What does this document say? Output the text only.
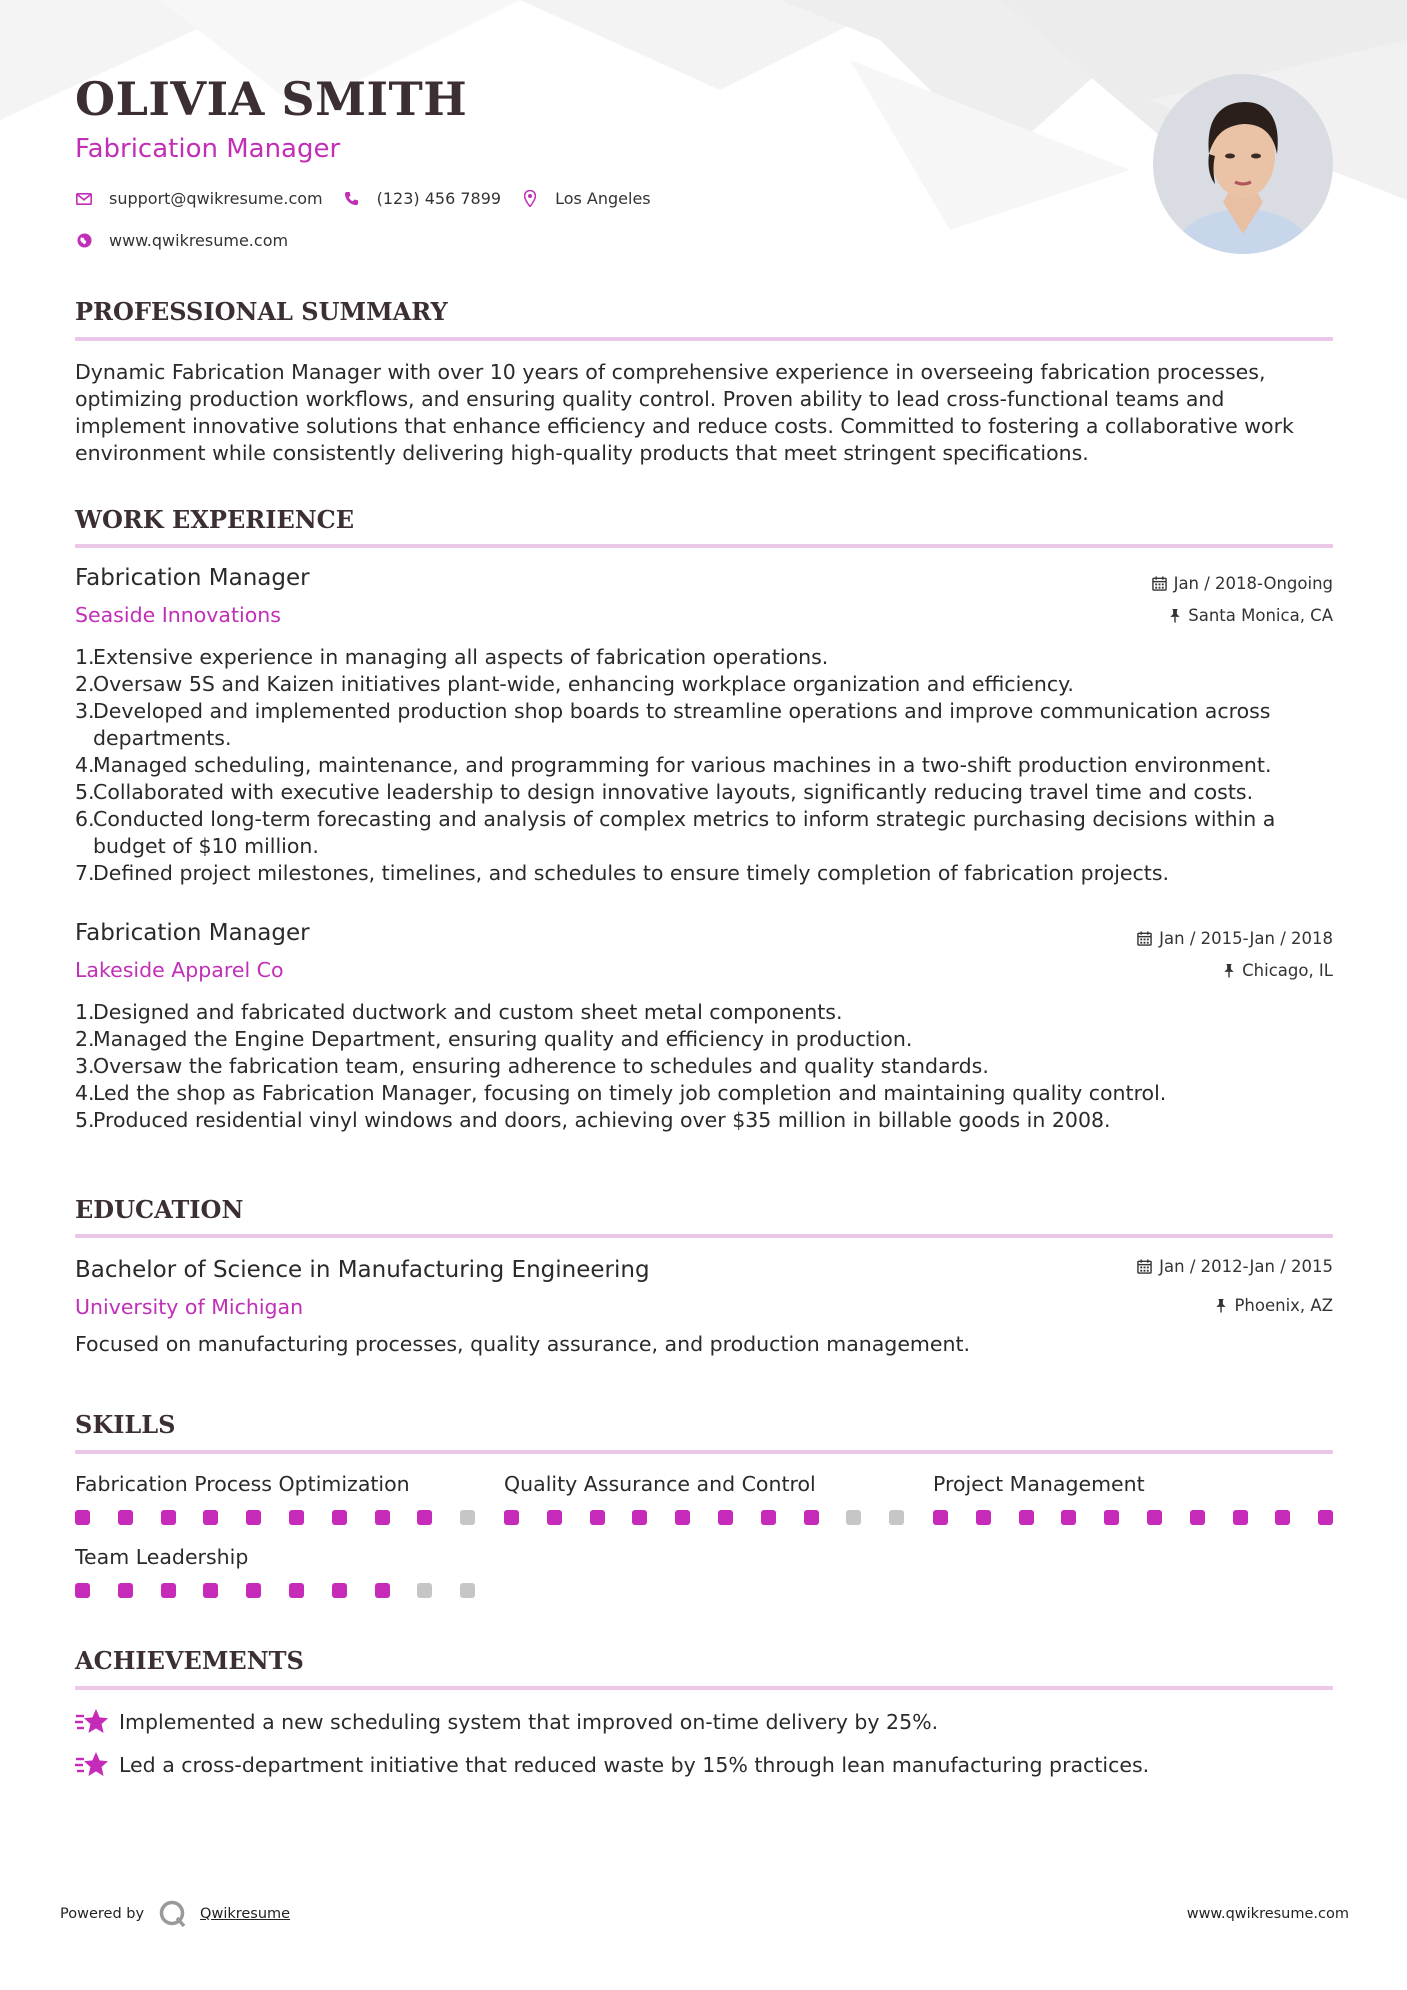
OLIVIA SMITH
Fabrication Manager
support@qwikresume.com	(123) 456 7899	Los Angeles
www.qwikresume.com
PROFESSIONAL SUMMARY
Dynamic Fabrication Manager with over 10 years of comprehensive experience in overseeing fabrication processes,
optimizing production workflows, and ensuring quality control. Proven ability to lead cross-functional teams and
implement innovative solutions that enhance efficiency and reduce costs. Committed to fostering a collaborative work
environment while consistently delivering high-quality products that meet stringent specifications.
WORK EXPERIENCE
Fabrication Manager
Seaside Innovations
Jan / 2018-Ongoing
Santa Monica, CA
1.
Extensive experience in managing all aspects of fabrication operations.
2.
Oversaw 5S and Kaizen initiatives plant-wide, enhancing workplace organization and efficiency.
3.
Developed and implemented production shop boards to streamline operations and improve communication across
departments.
4.
Managed scheduling, maintenance, and programming for various machines in a two-shift production environment.
5.
Collaborated with executive leadership to design innovative layouts, significantly reducing travel time and costs.
6.
Conducted long-term forecasting and analysis of complex metrics to inform strategic purchasing decisions within a
budget of $10 million.
7.
Defined project milestones, timelines, and schedules to ensure timely completion of fabrication projects.
Fabrication Manager
Lakeside Apparel Co
Jan / 2015-Jan / 2018
Chicago, IL
1.
Designed and fabricated ductwork and custom sheet metal components.
2.
Managed the Engine Department, ensuring quality and efficiency in production.
3.
Oversaw the fabrication team, ensuring adherence to schedules and quality standards.
4.
Led the shop as Fabrication Manager, focusing on timely job completion and maintaining quality control.
5.
Produced residential vinyl windows and doors, achieving over $35 million in billable goods in 2008.
EDUCATION
Bachelor of Science in Manufacturing Engineering
University of Michigan
Jan / 2012-Jan / 2015
Phoenix, AZ
Focused on manufacturing processes, quality assurance, and production management.
SKILLS
Fabrication Process Optimization	Quality Assurance and Control	Project Management
Team Leadership
ACHIEVEMENTS
Implemented a new scheduling system that improved on-time delivery by 25%.
Led a cross-department initiative that reduced waste by 15% through lean manufacturing practices.
Powered by	Qwikresume	www.qwikresume.com
